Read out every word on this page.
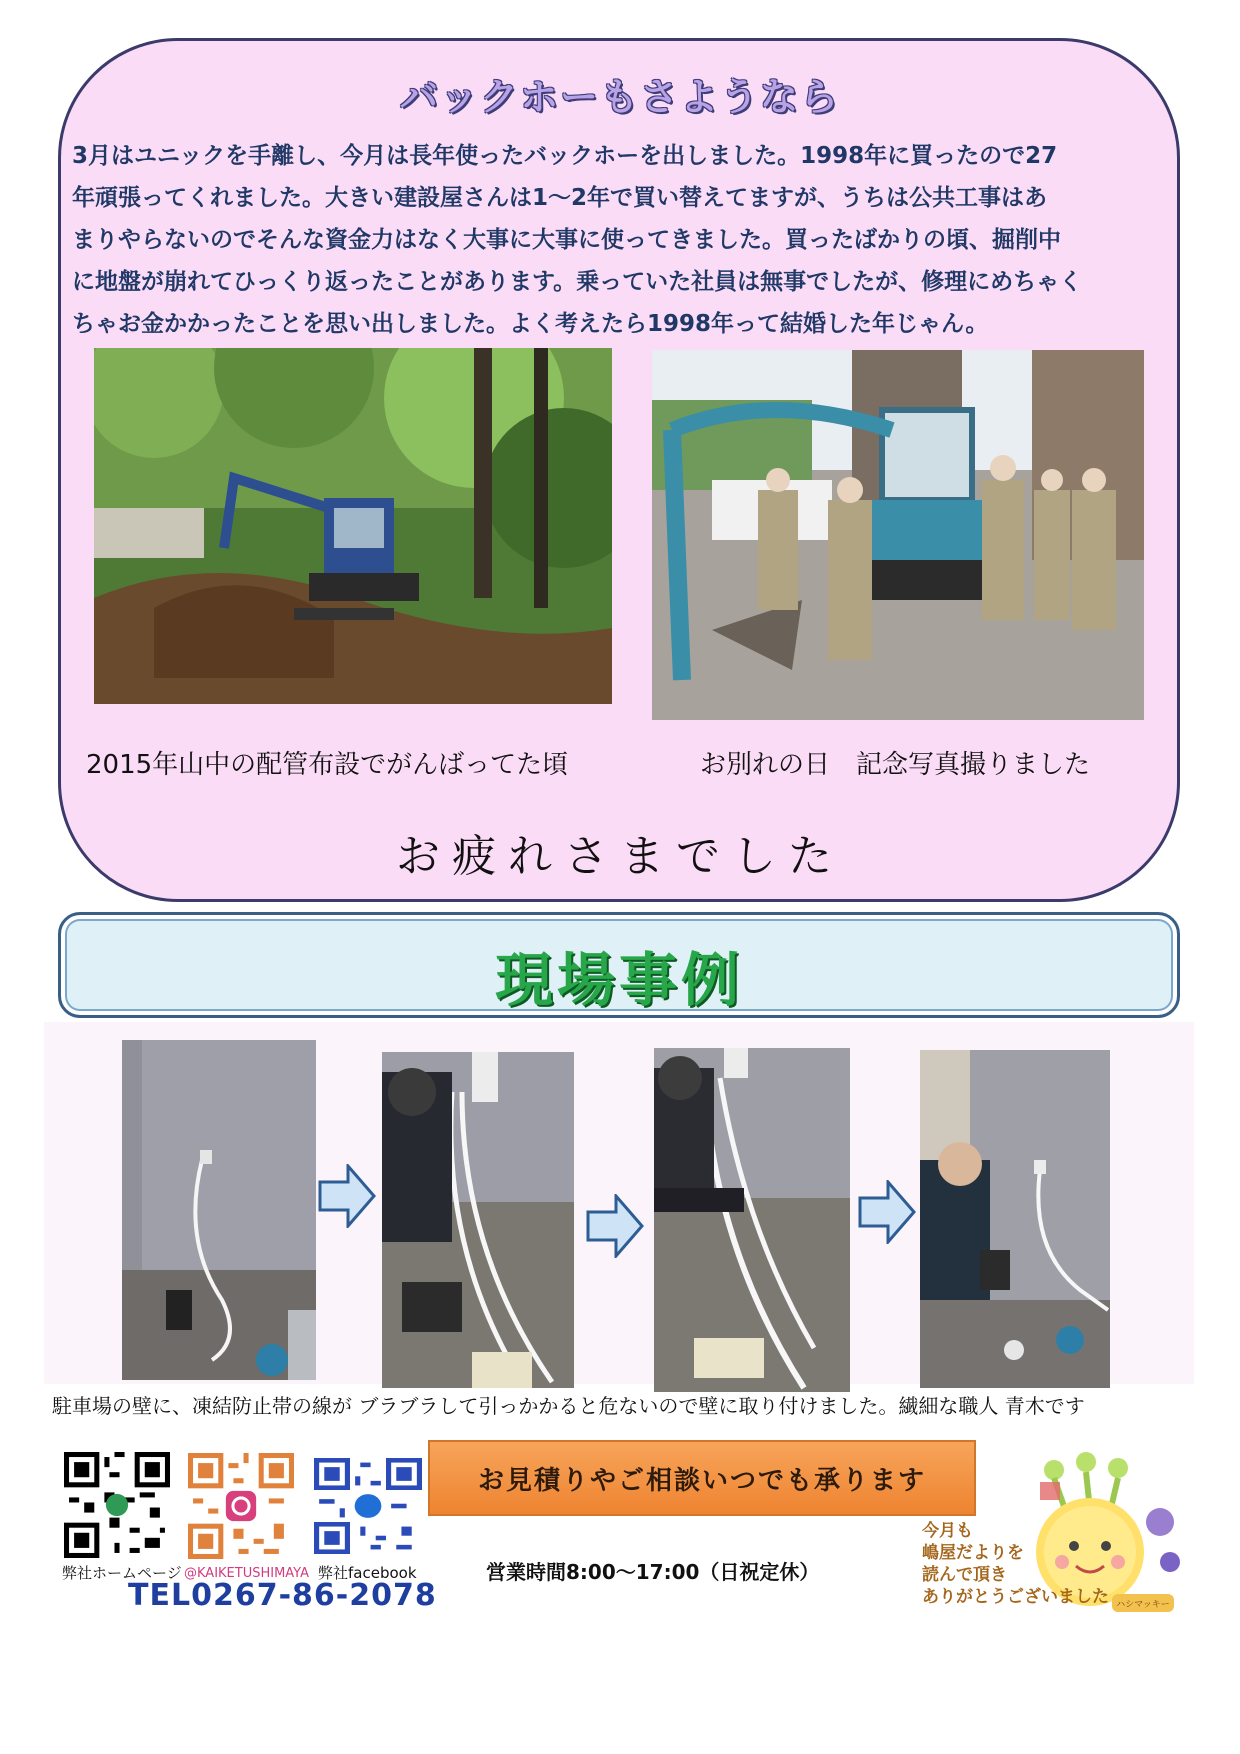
バックホーもさようなら

3月はユニックを手離し、今月は長年使ったバックホーを出しました。1998年に買ったので27

年頑張ってくれました。大きい建設屋さんは1～2年で買い替えてますが、うちは公共工事はあ

まりやらないのでそんな資金力はなく大事に大事に使ってきました。買ったばかりの頃、掘削中

に地盤が崩れてひっくり返ったことがあります。乗っていた社員は無事でしたが、修理にめちゃく

ちゃお金かかったことを思い出しました。よく考えたら1998年って結婚した年じゃん。

2015年山中の配管布設でがんばってた頃	お別れの日　記念写真撮りました
お疲れさまでした
現場事例
駐車場の壁に、凍結防止帯の線が ブラブラして引っかかると危ないので壁に取り付けました。繊細な職人 青木です
弊社ホームページ @KAIKETUSHIMAYA 弊社facebook
TEL0267-86-2078
お見積りやご相談いつでも承ります
営業時間8:00～17:00（日祝定休）
ハシマッキー
今月も
嶋屋だよりを
読んで頂き
ありがとうございました
